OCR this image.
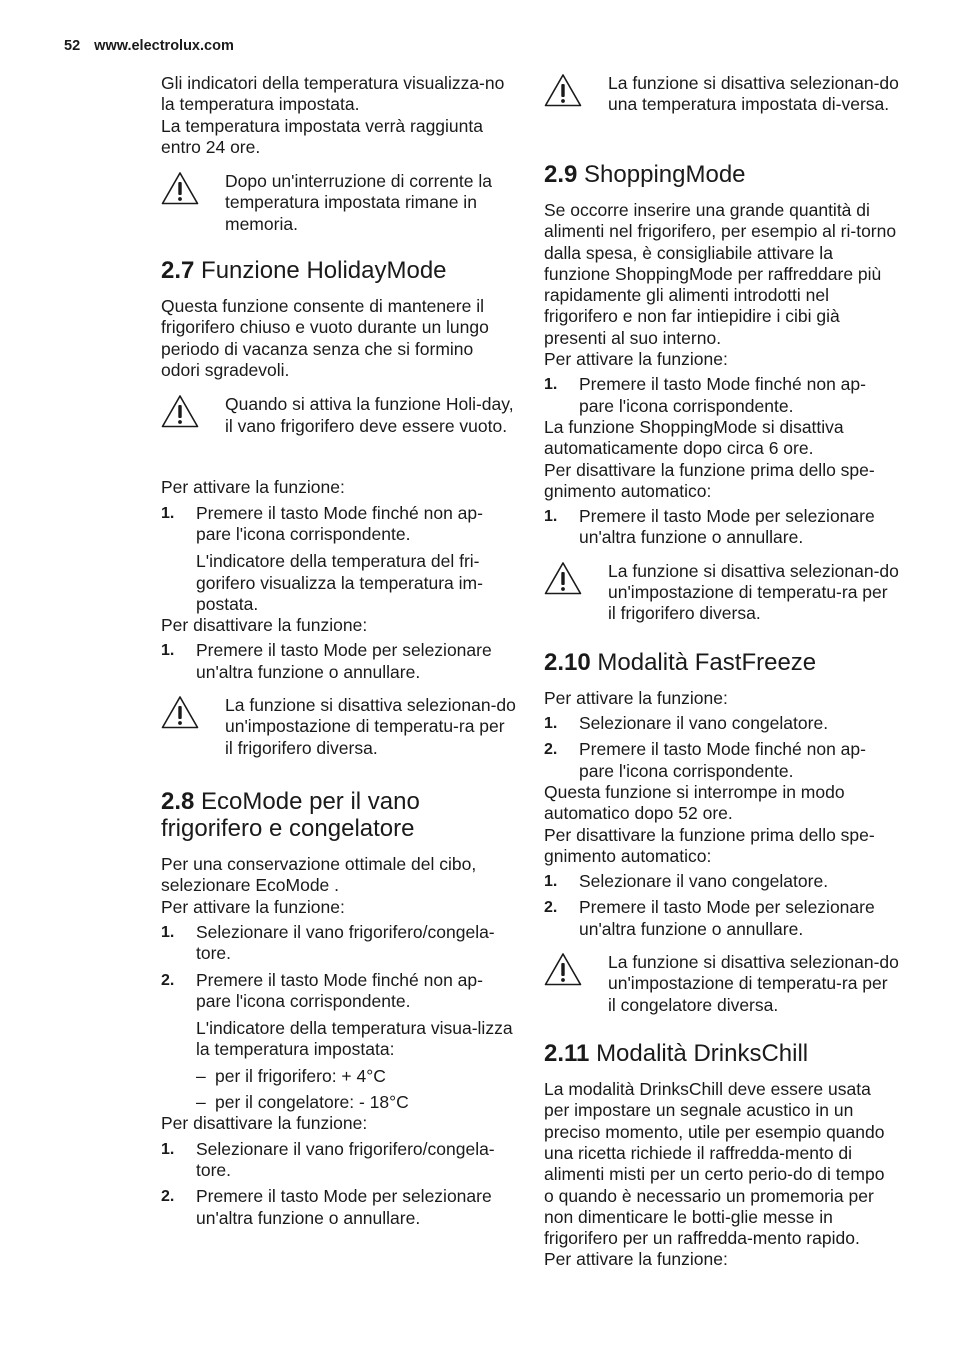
52 www.electrolux.com

Gli indicatori della temperatura visualizza-no la temperatura impostata.

La temperatura impostata verrà raggiunta entro 24 ore.

Dopo un'interruzione di corrente la temperatura impostata rimane in memoria.

2.7 Funzione HolidayMode

Questa funzione consente di mantenere il frigorifero chiuso e vuoto durante un lungo periodo di vacanza senza che si formino odori sgradevoli.

Quando si attiva la funzione Holi-day, il vano frigorifero deve essere vuoto.

Per attivare la funzione:

1. Premere il tasto Mode finché non ap-pare l'icona corrispondente.

L'indicatore della temperatura del fri-gorifero visualizza la temperatura im-postata.

Per disattivare la funzione:

1. Premere il tasto Mode per selezionare un'altra funzione o annullare.

La funzione si disattiva selezionan-do un'impostazione di temperatu-ra per il frigorifero diversa.

2.8 EcoMode per il vano
frigorifero e congelatore

Per una conservazione ottimale del cibo, selezionare EcoMode .

Per attivare la funzione:

1. Selezionare il vano frigorifero/congela-tore.
2. Premere il tasto Mode finché non ap-pare l'icona corrispondente.

L'indicatore della temperatura visua-lizza la temperatura impostata:

– per il frigorifero: + 4°C

– per il congelatore: - 18°C

Per disattivare la funzione:

1. Selezionare il vano frigorifero/congela-tore.
2. Premere il tasto Mode per selezionare un'altra funzione o annullare.

La funzione si disattiva selezionan-do una temperatura impostata di-versa.

2.9 ShoppingMode

Se occorre inserire una grande quantità di alimenti nel frigorifero, per esempio al ri-torno dalla spesa, è consigliabile attivare la funzione ShoppingMode per raffreddare più rapidamente gli alimenti introdotti nel frigorifero e non far intiepidire i cibi già presenti al suo interno.

Per attivare la funzione:

1. Premere il tasto Mode finché non ap-pare l'icona corrispondente.

La funzione ShoppingMode si disattiva automaticamente dopo circa 6 ore.

Per disattivare la funzione prima dello spe-gnimento automatico:

1. Premere il tasto Mode per selezionare un'altra funzione o annullare.

La funzione si disattiva selezionan-do un'impostazione di temperatu-ra per il frigorifero diversa.

2.10 Modalità FastFreeze

Per attivare la funzione:

1. Selezionare il vano congelatore.
2. Premere il tasto Mode finché non ap-pare l'icona corrispondente.

Questa funzione si interrompe in modo automatico dopo 52 ore.

Per disattivare la funzione prima dello spe-gnimento automatico:

1. Selezionare il vano congelatore.
2. Premere il tasto Mode per selezionare un'altra funzione o annullare.

La funzione si disattiva selezionan-do un'impostazione di temperatu-ra per il congelatore diversa.

2.11 Modalità DrinksChill

La modalità DrinksChill deve essere usata per impostare un segnale acustico in un preciso momento, utile per esempio quando una ricetta richiede il raffredda-mento di alimenti misti per un certo perio-do di tempo o quando è necessario un promemoria per non dimenticare le botti-glie messe in frigorifero per un raffredda-mento rapido.

Per attivare la funzione:
